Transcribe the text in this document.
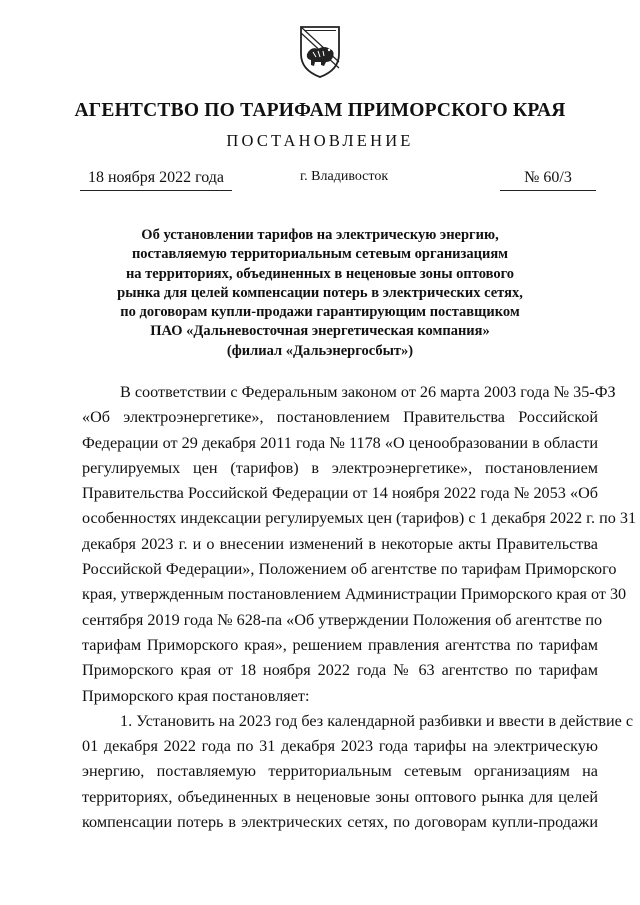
АГЕНТСТВО ПО ТАРИФАМ ПРИМОРСКОГО КРАЯ
ПОСТАНОВЛЕНИЕ
18 ноября 2022 года	г. Владивосток	№ 60/3
Об установлении тарифов на электрическую энергию,
поставляемую территориальным сетевым организациям
на территориях, объединенных в неценовые зоны оптового
рынка для целей компенсации потерь в электрических сетях,
по договорам купли-продажи гарантирующим поставщиком
ПАО «Дальневосточная энергетическая компания»
(филиал «Дальэнергосбыт»)
В соответствии с Федеральным законом от 26 марта 2003 года № 35-ФЗ
«Об электроэнергетике», постановлением Правительства Российской
Федерации от 29 декабря 2011 года № 1178 «О ценообразовании в области
регулируемых цен (тарифов) в электроэнергетике», постановлением
Правительства Российской Федерации от 14 ноября 2022 года № 2053 «Об
особенностях индексации регулируемых цен (тарифов) с 1 декабря 2022 г. по 31
декабря 2023 г. и о внесении изменений в некоторые акты Правительства
Российской Федерации», Положением об агентстве по тарифам Приморского
края, утвержденным постановлением Администрации Приморского края от 30
сентября 2019 года № 628-па «Об утверждении Положения об агентстве по
тарифам Приморского края», решением правления агентства по тарифам
Приморского края от 18 ноября 2022 года № 63 агентство по тарифам
Приморского края постановляет:
1. Установить на 2023 год без календарной разбивки и ввести в действие с
01 декабря 2022 года по 31 декабря 2023 года тарифы на электрическую
энергию, поставляемую территориальным сетевым организациям на
территориях, объединенных в неценовые зоны оптового рынка для целей
компенсации потерь в электрических сетях, по договорам купли-продажи
